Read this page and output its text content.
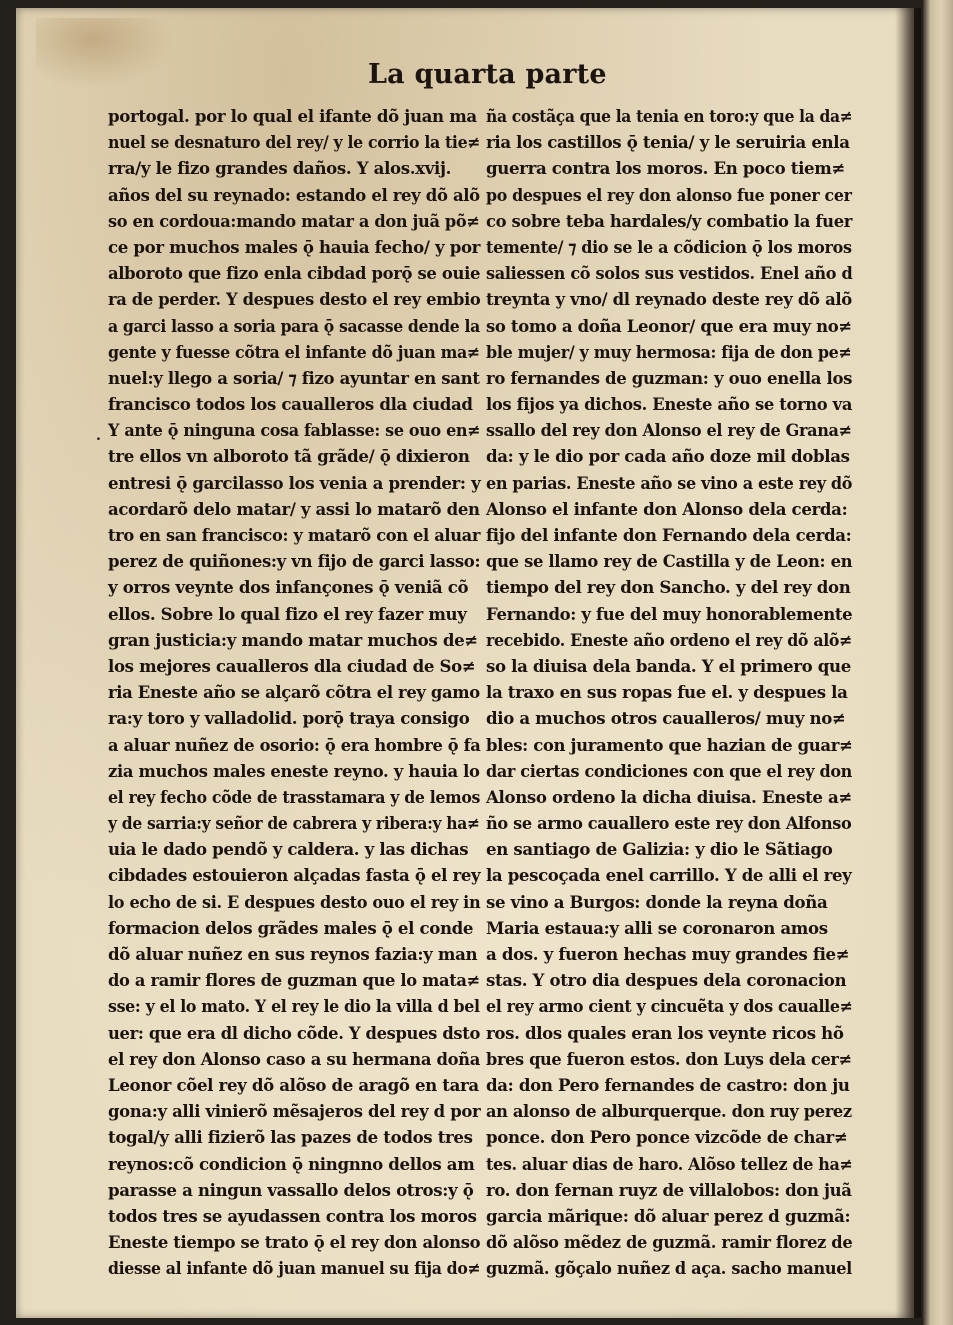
La quarta parte
.
portogal. por lo qual el ifante dõ juan ma
nuel se desnaturo del rey/ y le corrio la tie≠
rra/y le fizo grandes daños. Y alos.xvij.
años del su reynado: estando el rey dõ alõ
so en cordoua:mando matar a don juã põ≠
ce por muchos males ǭ hauia fecho/ y por
alboroto que fizo enla cibdad porǭ se ouie
ra de perder. Y despues desto el rey embio
a garci lasso a soria para ǭ sacasse dende la
gente y fuesse cõtra el infante dõ juan ma≠
nuel:y llego a soria/ ⁊ fizo ayuntar en sant
francisco todos los caualleros dla ciudad
Y ante ǭ ninguna cosa fablasse: se ouo en≠
tre ellos vn alboroto tã grãde/ ǭ dixieron
entresi ǭ garcilasso los venia a prender: y
acordarõ delo matar/ y assi lo matarõ den
tro en san francisco: y matarõ con el aluar
perez de quiñones:y vn fijo de garci lasso:
y orros veynte dos infançones ǭ veniã cõ
ellos. Sobre lo qual fizo el rey fazer muy
gran justicia:y mando matar muchos de≠
los mejores caualleros dla ciudad de So≠
ria Eneste año se alçarõ cõtra el rey gamo
ra:y toro y valladolid. porǭ traya consigo
a aluar nuñez de osorio: ǭ era hombre ǭ fa
zia muchos males eneste reyno. y hauia lo
el rey fecho cõde de trasstamara y de lemos
y de sarria:y señor de cabrera y ribera:y ha≠
uia le dado pendõ y caldera. y las dichas
cibdades estouieron alçadas fasta ǭ el rey
lo echo de si. E despues desto ouo el rey in
formacion delos grãdes males ǭ el conde
dõ aluar nuñez en sus reynos fazia:y man
do a ramir flores de guzman que lo mata≠
sse: y el lo mato. Y el rey le dio la villa d bel
uer: que era dl dicho cõde. Y despues dsto
el rey don Alonso caso a su hermana doña
Leonor cõel rey dõ alõso de aragõ en tara
gona:y alli vinierõ mẽsajeros del rey d por
togal/y alli fizierõ las pazes de todos tres
reynos:cõ condicion ǭ ningnno dellos am
parasse a ningun vassallo delos otros:y ǭ
todos tres se ayudassen contra los moros
Eneste tiempo se trato ǭ el rey don alonso
diesse al infante dõ juan manuel su fija do≠
ña costãça que la tenia en toro:y que la da≠
ria los castillos ǭ tenia/ y le seruiria enla
guerra contra los moros. En poco tiem≠
po despues el rey don alonso fue poner cer
co sobre teba hardales/y combatio la fuer
temente/ ⁊ dio se le a cõdicion ǭ los moros
saliessen cõ solos sus vestidos. Enel año d
treynta y vno/ dl reynado deste rey dõ alõ
so tomo a doña Leonor/ que era muy no≠
ble mujer/ y muy hermosa: fija de don pe≠
ro fernandes de guzman: y ouo enella los
los fijos ya dichos. Eneste año se torno va
ssallo del rey don Alonso el rey de Grana≠
da: y le dio por cada año doze mil doblas
en parias. Eneste año se vino a este rey dõ
Alonso el infante don Alonso dela cerda:
fijo del infante don Fernando dela cerda:
que se llamo rey de Castilla y de Leon: en
tiempo del rey don Sancho. y del rey don
Fernando: y fue del muy honorablemente
recebido. Eneste año ordeno el rey dõ alõ≠
so la diuisa dela banda. Y el primero que
la traxo en sus ropas fue el. y despues la
dio a muchos otros caualleros/ muy no≠
bles: con juramento que hazian de guar≠
dar ciertas condiciones con que el rey don
Alonso ordeno la dicha diuisa. Eneste a≠
ño se armo cauallero este rey don Alfonso
en santiago de Galizia: y dio le Sãtiago
la pescoçada enel carrillo. Y de alli el rey
se vino a Burgos: donde la reyna doña
Maria estaua:y alli se coronaron amos
a dos. y fueron hechas muy grandes fie≠
stas. Y otro dia despues dela coronacion
el rey armo cient y cincuẽta y dos caualle≠
ros. dlos quales eran los veynte ricos hõ
bres que fueron estos. don Luys dela cer≠
da: don Pero fernandes de castro: don ju
an alonso de alburquerque. don ruy perez
ponce. don Pero ponce vizcõde de char≠
tes. aluar dias de haro. Alõso tellez de ha≠
ro. don fernan ruyz de villalobos: don juã
garcia mãrique: dõ aluar perez d guzmã:
dõ alõso mẽdez de guzmã. ramir florez de
guzmã. gõçalo nuñez d aça. sacho manuel
